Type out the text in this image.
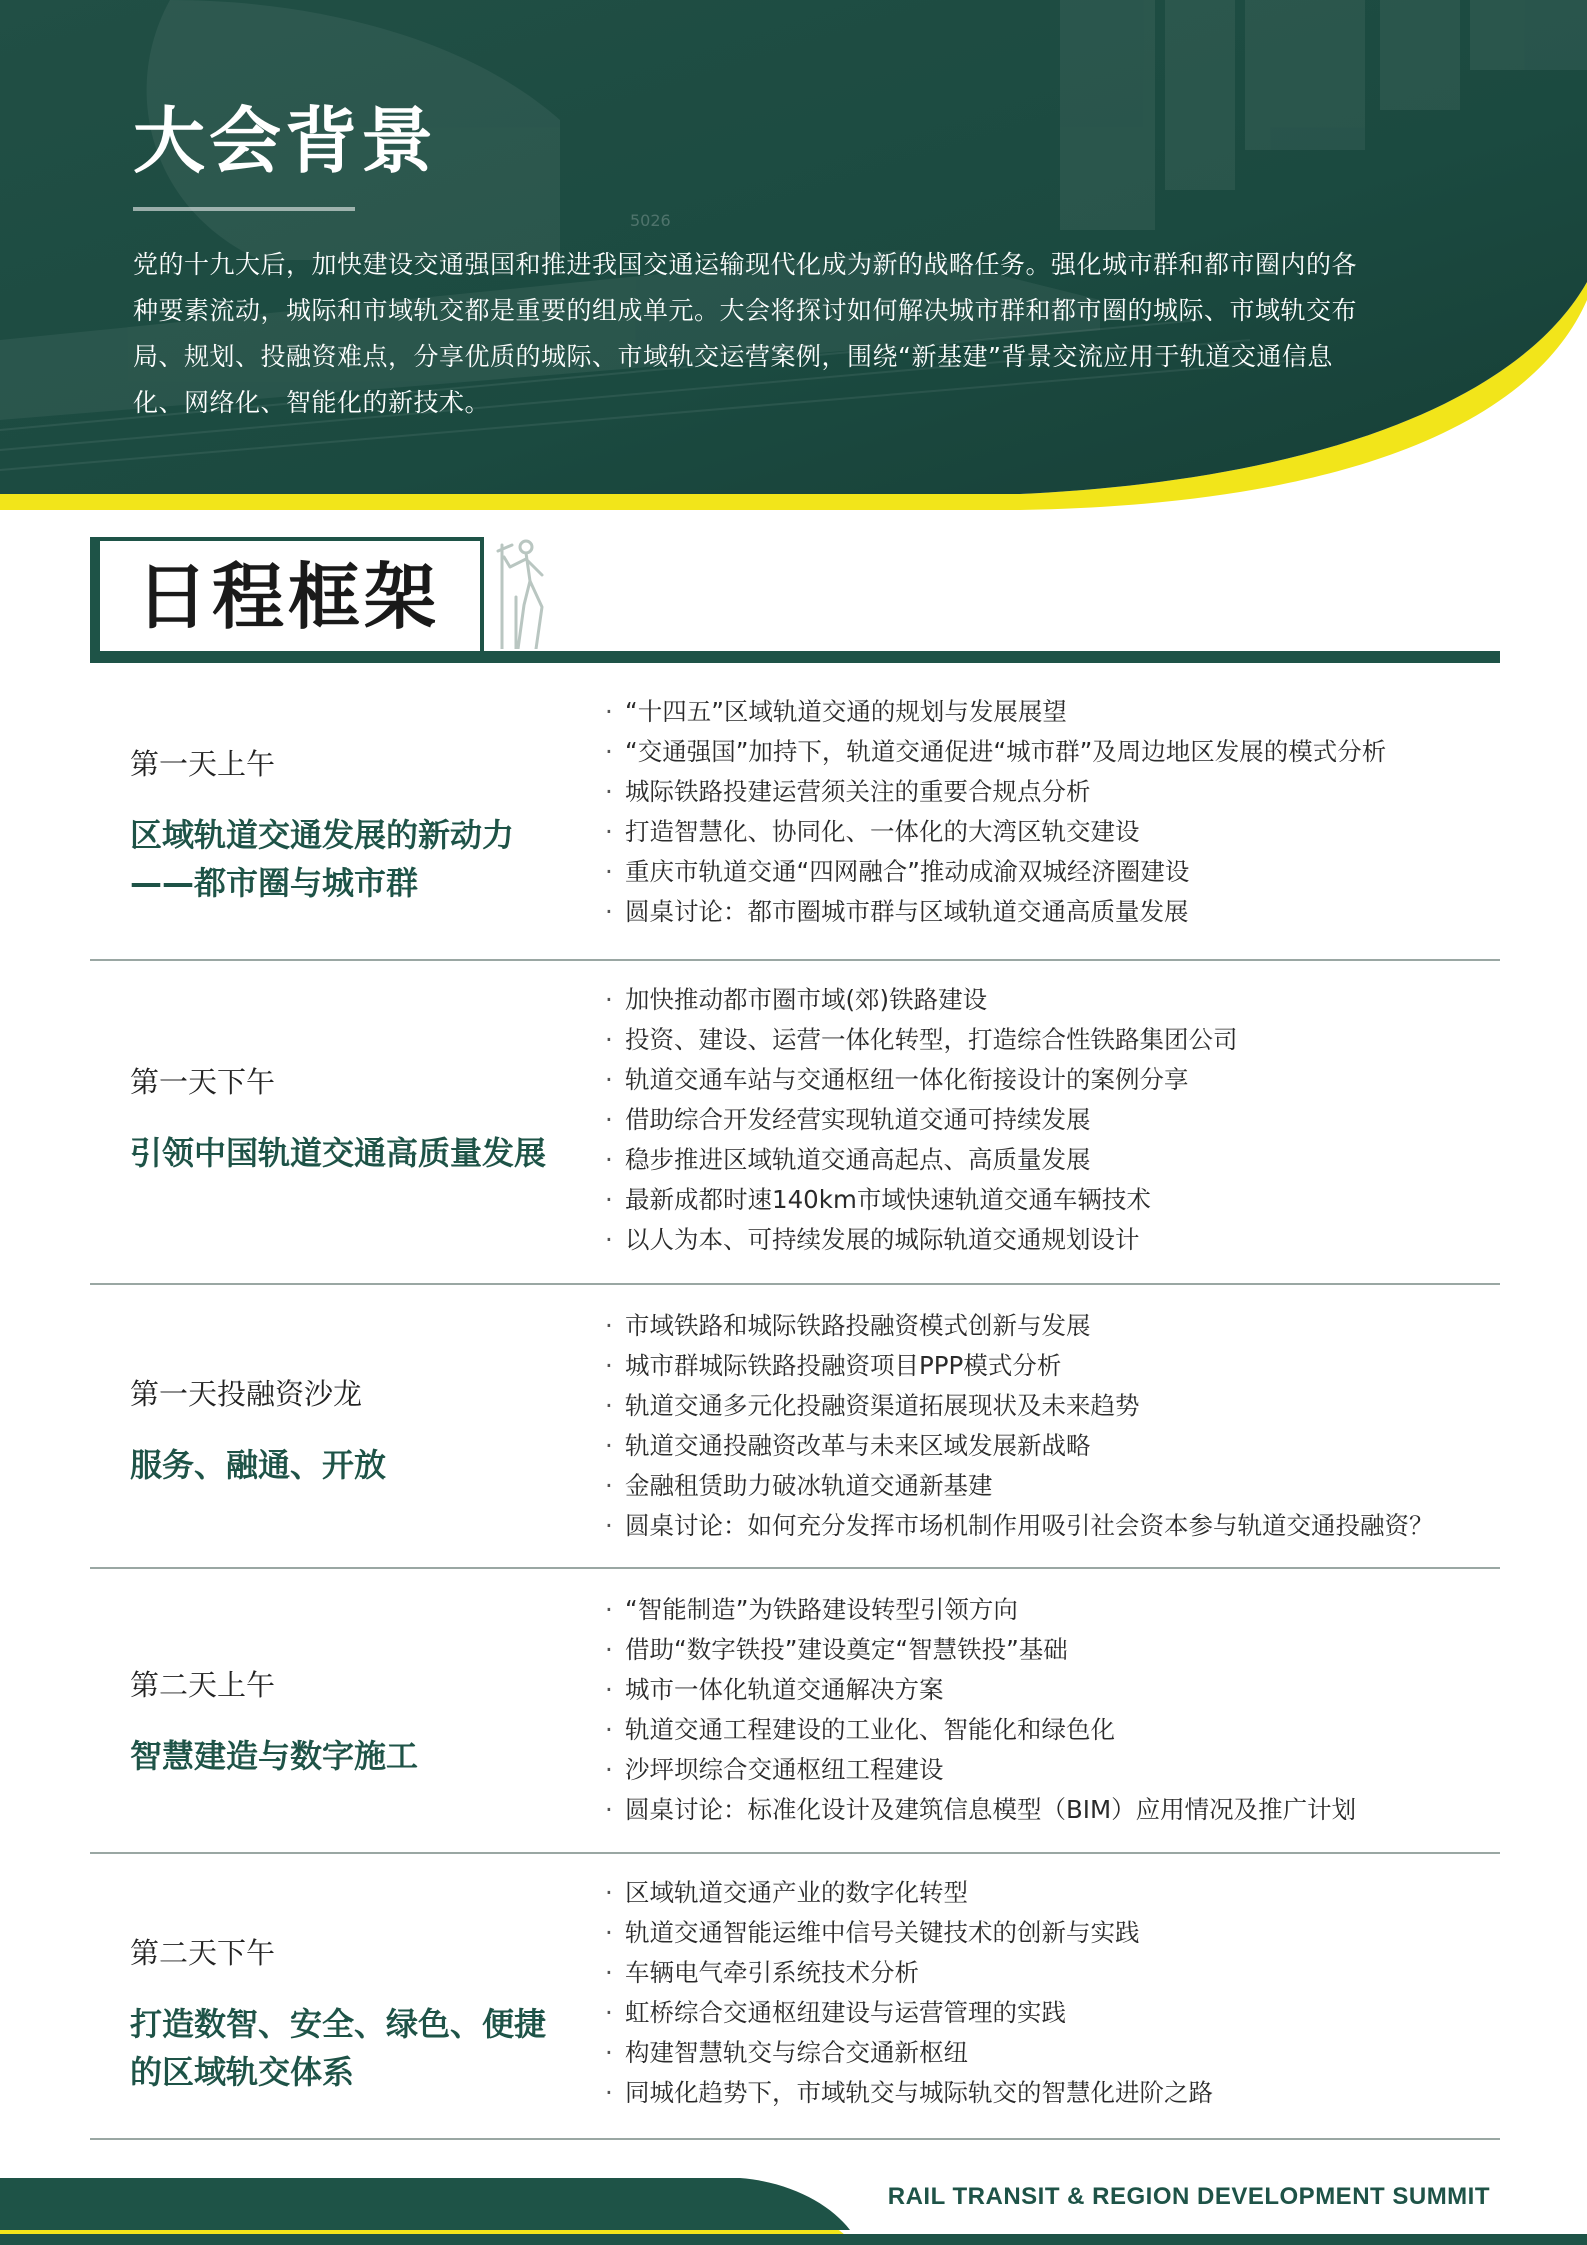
5026
大会背景

党的十九大后，加快建设交通强国和推进我国交通运输现代化成为新的战略任务。强化城市群和都市圈内的各种要素流动，城际和市域轨交都是重要的组成单元。大会将探讨如何解决城市群和都市圈的城际、市域轨交布局、规划、投融资难点，分享优质的城际、市域轨交运营案例，围绕“新基建”背景交流应用于轨道交通信息化、网络化、智能化的新技术。

日程框架

第一天上午

区域轨道交通发展的新动力
——都市圈与城市群

· “十四五”区域轨道交通的规划与发展展望
· “交通强国”加持下，轨道交通促进“城市群”及周边地区发展的模式分析
· 城际铁路投建运营须关注的重要合规点分析
· 打造智慧化、协同化、一体化的大湾区轨交建设
· 重庆市轨道交通“四网融合”推动成渝双城经济圈建设
· 圆桌讨论：都市圈城市群与区域轨道交通高质量发展

第一天下午

引领中国轨道交通高质量发展

· 加快推动都市圈市域(郊)铁路建设
· 投资、建设、运营一体化转型，打造综合性铁路集团公司
· 轨道交通车站与交通枢纽一体化衔接设计的案例分享
· 借助综合开发经营实现轨道交通可持续发展
· 稳步推进区域轨道交通高起点、高质量发展
· 最新成都时速140km市域快速轨道交通车辆技术
· 以人为本、可持续发展的城际轨道交通规划设计

第一天投融资沙龙

服务、融通、开放

· 市域铁路和城际铁路投融资模式创新与发展
· 城市群城际铁路投融资项目PPP模式分析
· 轨道交通多元化投融资渠道拓展现状及未来趋势
· 轨道交通投融资改革与未来区域发展新战略
· 金融租赁助力破冰轨道交通新基建
· 圆桌讨论：如何充分发挥市场机制作用吸引社会资本参与轨道交通投融资？

第二天上午

智慧建造与数字施工

· “智能制造”为铁路建设转型引领方向
· 借助“数字铁投”建设奠定“智慧铁投”基础
· 城市一体化轨道交通解决方案
· 轨道交通工程建设的工业化、智能化和绿色化
· 沙坪坝综合交通枢纽工程建设
· 圆桌讨论：标准化设计及建筑信息模型（BIM）应用情况及推广计划

第二天下午

打造数智、安全、绿色、便捷
的区域轨交体系

· 区域轨道交通产业的数字化转型
· 轨道交通智能运维中信号关键技术的创新与实践
· 车辆电气牵引系统技术分析
· 虹桥综合交通枢纽建设与运营管理的实践
· 构建智慧轨交与综合交通新枢纽
· 同城化趋势下，市域轨交与城际轨交的智慧化进阶之路
RAIL TRANSIT & REGION DEVELOPMENT SUMMIT
